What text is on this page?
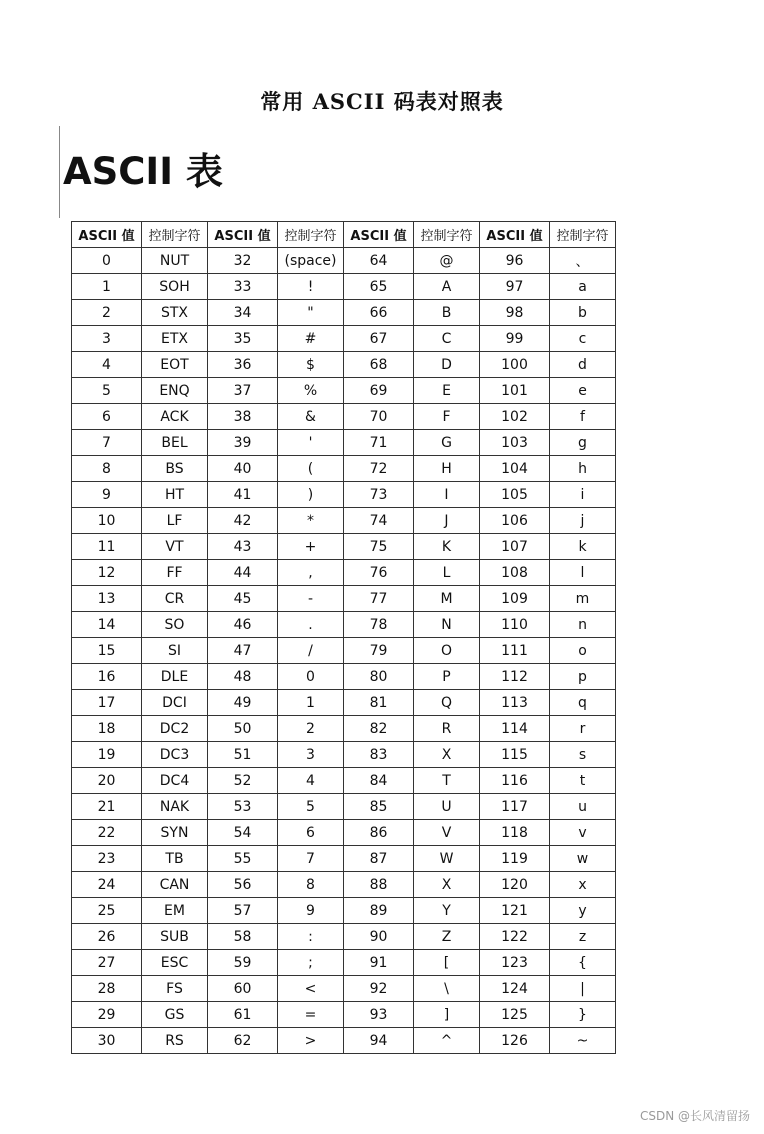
常用 ASCII 码表对照表
ASCII 表
ASCII 值	控制字符	ASCII 值	控制字符	ASCII 值	控制字符	ASCII 值	控制字符
0	NUT	32	(space)	64	@	96	、
1	SOH	33	!	65	A	97	a
2	STX	34	"	66	B	98	b
3	ETX	35	#	67	C	99	c
4	EOT	36	$	68	D	100	d
5	ENQ	37	%	69	E	101	e
6	ACK	38	&	70	F	102	f
7	BEL	39	'	71	G	103	g
8	BS	40	(	72	H	104	h
9	HT	41	)	73	I	105	i
10	LF	42	*	74	J	106	j
11	VT	43	+	75	K	107	k
12	FF	44	,	76	L	108	l
13	CR	45	-	77	M	109	m
14	SO	46	.	78	N	110	n
15	SI	47	/	79	O	111	o
16	DLE	48	0	80	P	112	p
17	DCI	49	1	81	Q	113	q
18	DC2	50	2	82	R	114	r
19	DC3	51	3	83	X	115	s
20	DC4	52	4	84	T	116	t
21	NAK	53	5	85	U	117	u
22	SYN	54	6	86	V	118	v
23	TB	55	7	87	W	119	w
24	CAN	56	8	88	X	120	x
25	EM	57	9	89	Y	121	y
26	SUB	58	:	90	Z	122	z
27	ESC	59	;	91	[	123	{
28	FS	60	<	92	\	124	|
29	GS	61	=	93	]	125	}
30	RS	62	>	94	^	126	~
CSDN @长风清留扬
